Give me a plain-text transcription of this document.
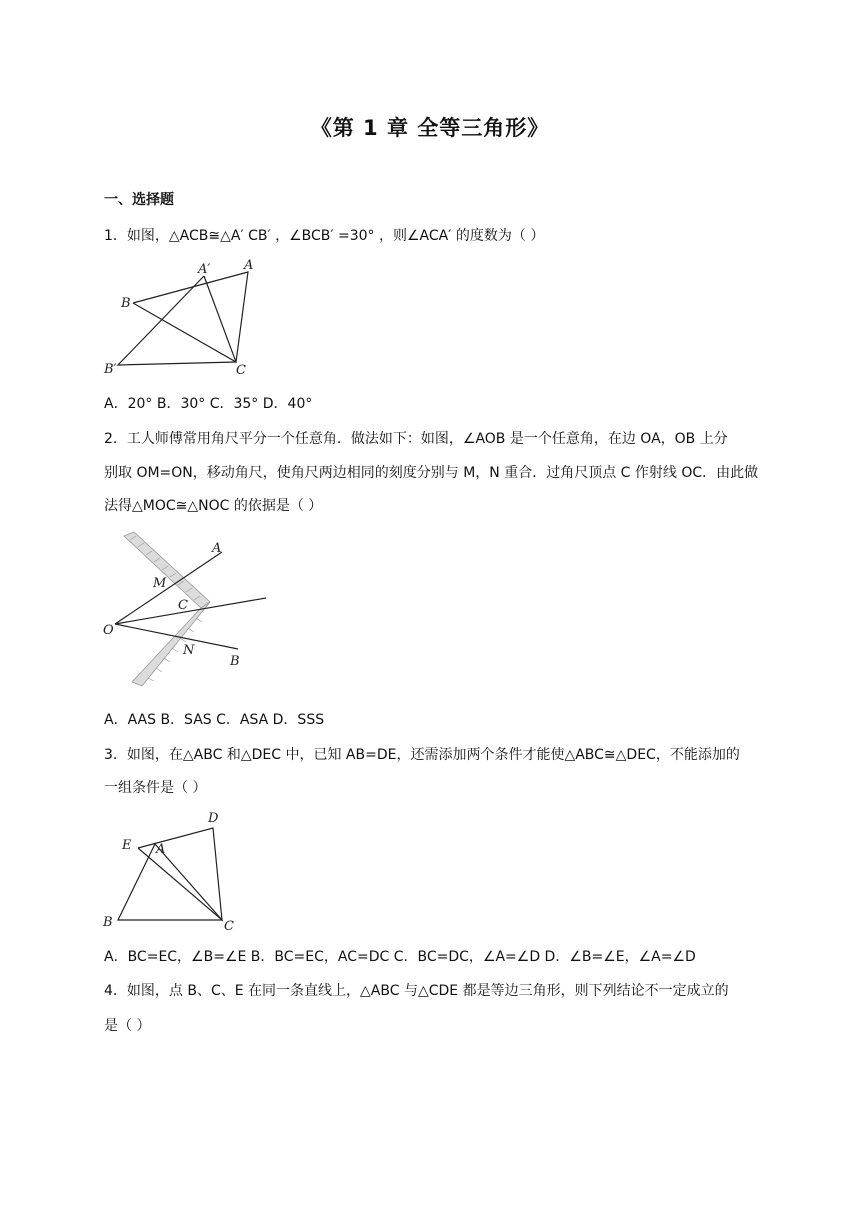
《第 1 章 全等三角形》
一、选择题
1．如图，△ACB≅△A′ CB′ ，∠BCB′ =30° ，则∠ACA′ 的度数为（ ）
A′	A
B
B′	C
A．20° B．30° C．35° D．40°
2．工人师傅常用角尺平分一个任意角．做法如下：如图，∠AOB 是一个任意角，在边 OA，OB 上分
别取 OM=ON，移动角尺，使角尺两边相同的刻度分别与 M，N 重合．过角尺顶点 C 作射线 OC．由此做
法得△MOC≅△NOC 的依据是（ ）
A
M
C
O
N
B
A．AAS B．SAS C．ASA D．SSS
3．如图，在△ABC 和△DEC 中，已知 AB=DE，还需添加两个条件才能使△ABC≅△DEC，不能添加的
一组条件是（ ）
D
E A
B	C
A．BC=EC，∠B=∠E B．BC=EC，AC=DC C．BC=DC，∠A=∠D D．∠B=∠E，∠A=∠D
4．如图，点 B、C、E 在同一条直线上，△ABC 与△CDE 都是等边三角形，则下列结论不一定成立的
是（ ）
